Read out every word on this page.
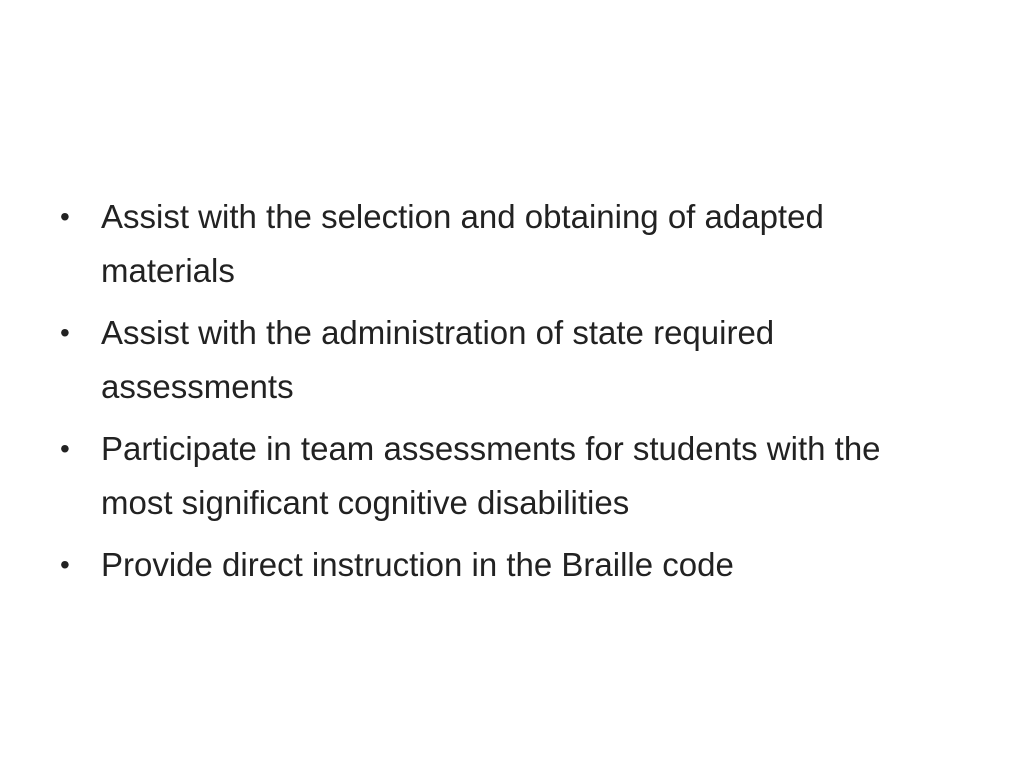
• Assist with the selection and obtaining of adapted materials
• Assist with the administration of state required assessments
• Participate in team assessments for students with the most significant cognitive disabilities
• Provide direct instruction in the Braille code
